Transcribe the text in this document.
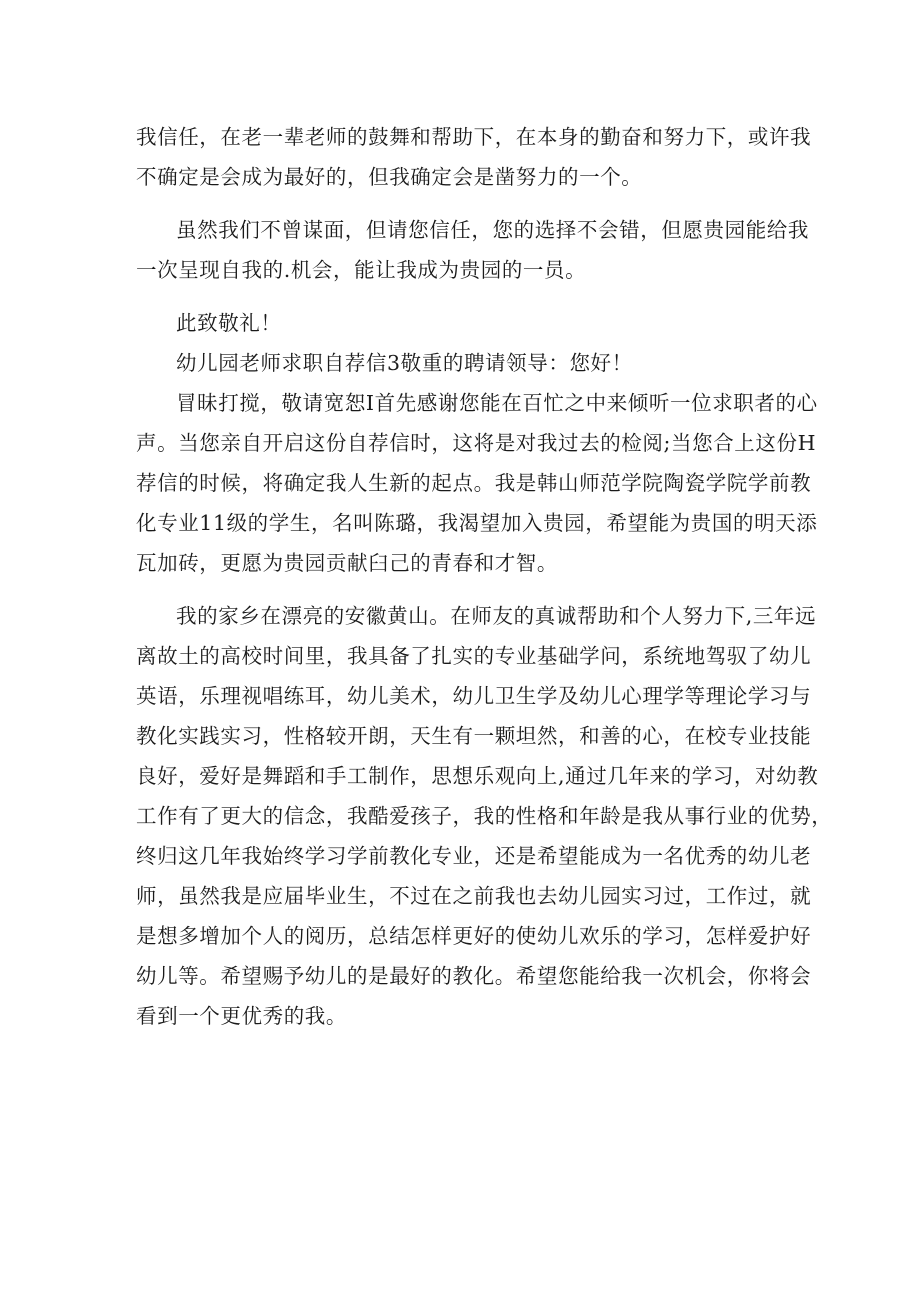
我信任，在老一辈老师的鼓舞和帮助下，在本身的勤奋和努力下，或许我
不确定是会成为最好的，但我确定会是凿努力的一个。
虽然我们不曾谋面，但请您信任，您的选择不会错，但愿贵园能给我
一次呈现自我的.机会，能让我成为贵园的一员。
此致敬礼！
幼儿园老师求职自荐信3敬重的聘请领导：您好！
冒昧打搅，敬请宽恕I首先感谢您能在百忙之中来倾听一位求职者的心
声。当您亲自开启这份自荐信时，这将是对我过去的检阅;当您合上这份H
荐信的时候，将确定我人生新的起点。我是韩山师范学院陶瓷学院学前教
化专业11级的学生，名叫陈璐，我渴望加入贵园，希望能为贵国的明天添
瓦加砖，更愿为贵园贡献臼己的青春和才智。
我的家乡在漂亮的安徽黄山。在师友的真诚帮助和个人努力下,三年远
离故土的高校时间里，我具备了扎实的专业基础学问，系统地驾驭了幼儿
英语，乐理视唱练耳，幼儿美术，幼儿卫生学及幼儿心理学等理论学习与
教化实践实习，性格较开朗，天生有一颗坦然，和善的心，在校专业技能
良好，爱好是舞蹈和手工制作，思想乐观向上,通过几年来的学习，对幼教
工作有了更大的信念，我酷爱孩子，我的性格和年龄是我从事行业的优势，
终归这几年我始终学习学前教化专业，还是希望能成为一名优秀的幼儿老
师，虽然我是应届毕业生，不过在之前我也去幼儿园实习过，工作过，就
是想多增加个人的阅历，总结怎样更好的使幼儿欢乐的学习，怎样爱护好
幼儿等。希望赐予幼儿的是最好的教化。希望您能给我一次机会，你将会
看到一个更优秀的我。
